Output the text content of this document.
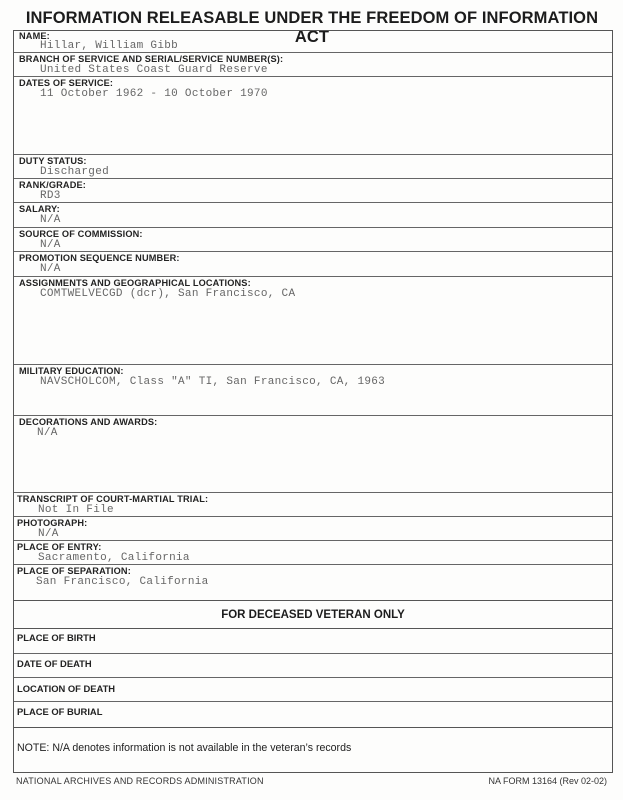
INFORMATION RELEASABLE UNDER THE FREEDOM OF INFORMATION ACT
NAME:
Hillar, William Gibb
BRANCH OF SERVICE AND SERIAL/SERVICE NUMBER(S):
United States Coast Guard Reserve
DATES OF SERVICE:
11 October 1962 - 10 October 1970
DUTY STATUS:
Discharged
RANK/GRADE:
RD3
SALARY:
N/A
SOURCE OF COMMISSION:
N/A
PROMOTION SEQUENCE NUMBER:
N/A
ASSIGNMENTS AND GEOGRAPHICAL LOCATIONS:
COMTWELVECGD (dcr), San Francisco, CA
MILITARY EDUCATION:
NAVSCHOLCOM, Class "A" TI, San Francisco, CA, 1963
DECORATIONS AND AWARDS:
N/A
TRANSCRIPT OF COURT-MARTIAL TRIAL:
Not In File
PHOTOGRAPH:
N/A
PLACE OF ENTRY:
Sacramento, California
PLACE OF SEPARATION:
San Francisco, California
FOR DECEASED VETERAN ONLY
PLACE OF BIRTH
DATE OF DEATH
LOCATION OF DEATH
PLACE OF BURIAL
NOTE: N/A denotes information is not available in the veteran’s records
NATIONAL ARCHIVES AND RECORDS ADMINISTRATION	NA FORM 13164 (Rev 02-02)
